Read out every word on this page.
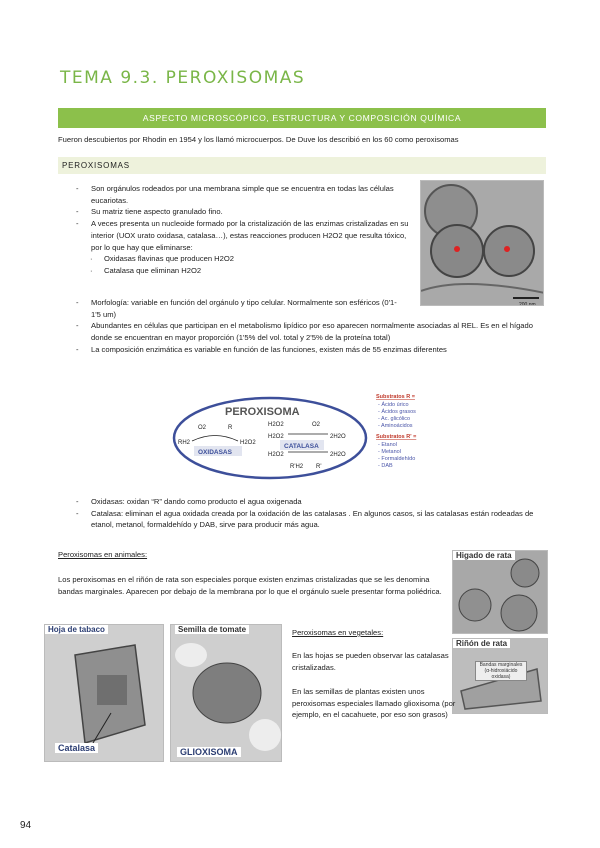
TEMA 9.3. PEROXISOMAS
ASPECTO MICROSCÓPICO, ESTRUCTURA Y COMPOSICIÓN QUÍMICA
Fueron descubiertos por Rhodin en 1954 y los llamó microcuerpos. De Duve los describió en los 60 como peroxisomas
PEROXISOMAS
- Son orgánulos rodeados por una membrana simple que se encuentra en todas las células eucariotas.
- Su matriz tiene aspecto granulado fino.
- A veces presenta un nucleoide formado por la cristalización de las enzimas cristalizadas en su interior (UOX urato oxidasa, catalasa…), estas reacciones producen H2O2 que resulta tóxico, por lo que hay que eliminarse:
· Oxidasas flavinas que producen H2O2
· Catalasa que eliminan H2O2
200 nm
- Morfología: variable en función del orgánulo y tipo celular. Normalmente son esféricos (0'1-1'5 um)
- Abundantes en células que participan en el metabolismo lipídico por eso aparecen normalmente asociadas al REL. Es en el hígado donde se encuentran en mayor proporción (1'5% del vol. total y 2'5% de la proteína total)
- La composición enzimática es variable en función de las funciones, existen más de 55 enzimas diferentes
PEROXISOMA
RH2
O2	R
H2O2
OXIDASAS
H2O2	O2
H2O2	2H2O
CATALASA
H2O2	2H2O
R'H2 R'
Substratos R =
- Ácido úrico
- Ácidos grasos
- Ac. glicólico
- Aminoácidos
Substratos R' =
- Etanol
- Metanol
- Formaldehído
- DAB
- Oxidasas: oxidan “R” dando como producto el agua oxigenada
- Catalasa: eliminan el agua oxidada creada por la oxidación de las catalasas . En algunos casos, si las catalasas están rodeadas de etanol, metanol, formaldehído y DAB, sirve para producir más agua.
Peroxisomas en animales:
Los peroxisomas en el riñón de rata son especiales porque existen enzimas cristalizadas que se les denomina bandas marginales. Aparecen por debajo de la membrana por lo que el orgánulo suele presentar forma poliédrica.
Higado de rata
Riñón de rata
Bandas marginales (α-hidroxiácido oxidasa)
Hoja de tabaco
Catalasa
Semilla de tomate
GLIOXISOMA
Peroxisomas en vegetales:
En las hojas se pueden observar las catalasas cristalizadas.
En las semillas de plantas existen unos peroxisomas especiales llamado glioxisoma (por ejemplo, en el cacahuete, por eso son grasos)
94
